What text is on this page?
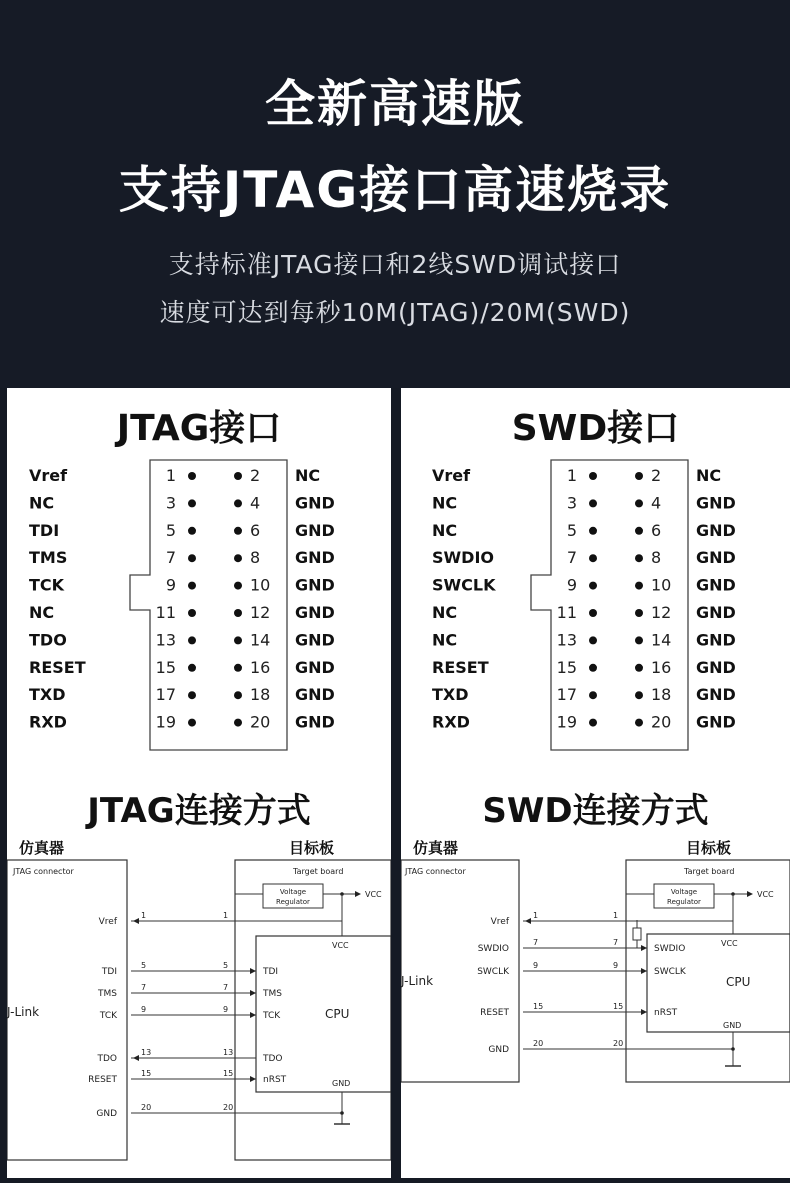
全新高速版
支持JTAG接口高速烧录
支持标准JTAG接口和2线SWD调试接口
速度可达到每秒10M(JTAG)/20M(SWD)
JTAG接口
Vref	1	2 NC
NC	3	4 GND
TDI	5	6 GND
TMS	7	8 GND
TCK	9	10 GND
NC	11	12 GND
TDO	13	14 GND
RESET	15	16 GND
TXD	17	18 GND
RXD	19	20 GND
JTAG连接方式
仿真器	目标板
JTAG connector
J-Link
Target board
Voltage
Regulator
VCC
VCC
CPU
GND
Vref
1	1
TDI
5	5
TDI
TMS
7	7
TMS
TCK
9	9
TCK
TDO
13	13
TDO
RESET
15	15
nRST
GND
20	20
SWD接口
Vref	1	2 NC
NC	3	4 GND
NC	5	6 GND
SWDIO	7	8 GND
SWCLK	9	10 GND
NC	11	12 GND
NC	13	14 GND
RESET	15	16 GND
TXD	17	18 GND
RXD	19	20 GND
SWD连接方式
仿真器	目标板
JTAG connector
J-Link
Target board
Voltage
Regulator
VCC
VCC
CPU
GND
Vref
1	1
SWDIO
7	7
SWDIO
SWCLK
9	9
SWCLK
RESET
15	15
nRST
GND
20	20
